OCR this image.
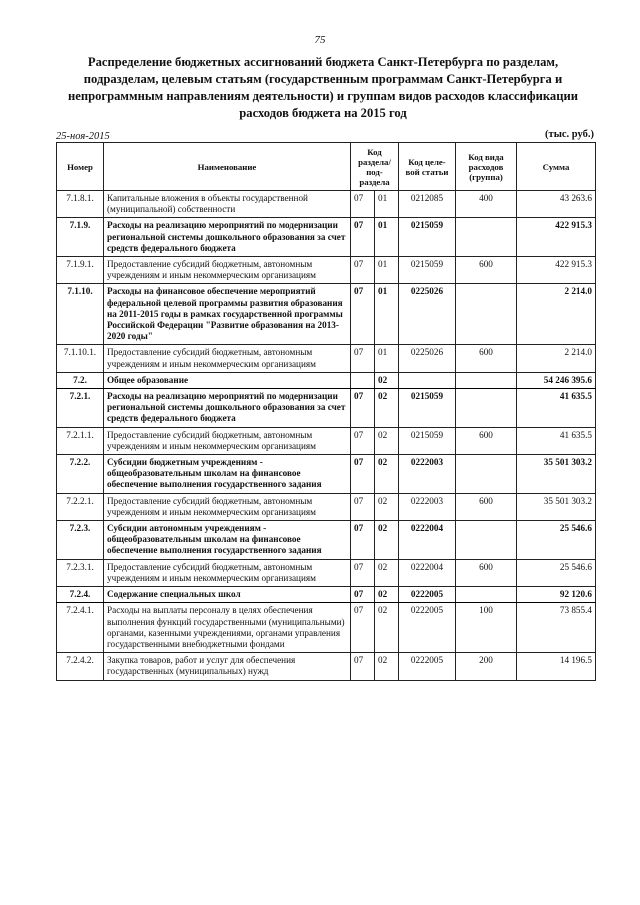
75
Распределение бюджетных ассигнований бюджета Санкт-Петербурга по разделам, подразделам, целевым статьям (государственным программам Санкт-Петербурга и непрограммным направлениям деятельности) и группам видов расходов классификации расходов бюджета на 2015 год
25-ноя-2015	(тыс. руб.)
Номер	Наименование	Код раздела/ под-раздела		Код целе-вой статьи	Код вида расходов (группа)	Сумма
7.1.8.1.	Капитальные вложения в объекты государственной (муниципальной) собственности	07	01	0212085	400	43 263.6
7.1.9.	Расходы на реализацию мероприятий по модернизации региональной системы дошкольного образования за счет средств федерального бюджета	07	01	0215059		422 915.3
7.1.9.1.	Предоставление субсидий бюджетным, автономным учреждениям и иным некоммерческим организациям	07	01	0215059	600	422 915.3
7.1.10.	Расходы на финансовое обеспечение мероприятий федеральной целевой программы развития образования на 2011-2015 годы в рамках государственной программы Российской Федерации "Развитие образования на 2013-2020 годы"	07	01	0225026		2 214.0
7.1.10.1.	Предоставление субсидий бюджетным, автономным учреждениям и иным некоммерческим организациям	07	01	0225026	600	2 214.0
7.2.	Общее образование		02			54 246 395.6
7.2.1.	Расходы на реализацию мероприятий по модернизации региональной системы дошкольного образования за счет средств федерального бюджета	07	02	0215059		41 635.5
7.2.1.1.	Предоставление субсидий бюджетным, автономным учреждениям и иным некоммерческим организациям	07	02	0215059	600	41 635.5
7.2.2.	Субсидии бюджетным учреждениям - общеобразовательным школам на финансовое обеспечение выполнения государственного задания	07	02	0222003		35 501 303.2
7.2.2.1.	Предоставление субсидий бюджетным, автономным учреждениям и иным некоммерческим организациям	07	02	0222003	600	35 501 303.2
7.2.3.	Субсидии автономным учреждениям - общеобразовательным школам на финансовое обеспечение выполнения государственного задания	07	02	0222004		25 546.6
7.2.3.1.	Предоставление субсидий бюджетным, автономным учреждениям и иным некоммерческим организациям	07	02	0222004	600	25 546.6
7.2.4.	Содержание специальных школ	07	02	0222005		92 120.6
7.2.4.1.	Расходы на выплаты персоналу в целях обеспечения выполнения функций государственными (муниципальными) органами, казенными учреждениями, органами управления государственными внебюджетными фондами	07	02	0222005	100	73 855.4
7.2.4.2.	Закупка товаров, работ и услуг для обеспечения государственных (муниципальных) нужд	07	02	0222005	200	14 196.5
